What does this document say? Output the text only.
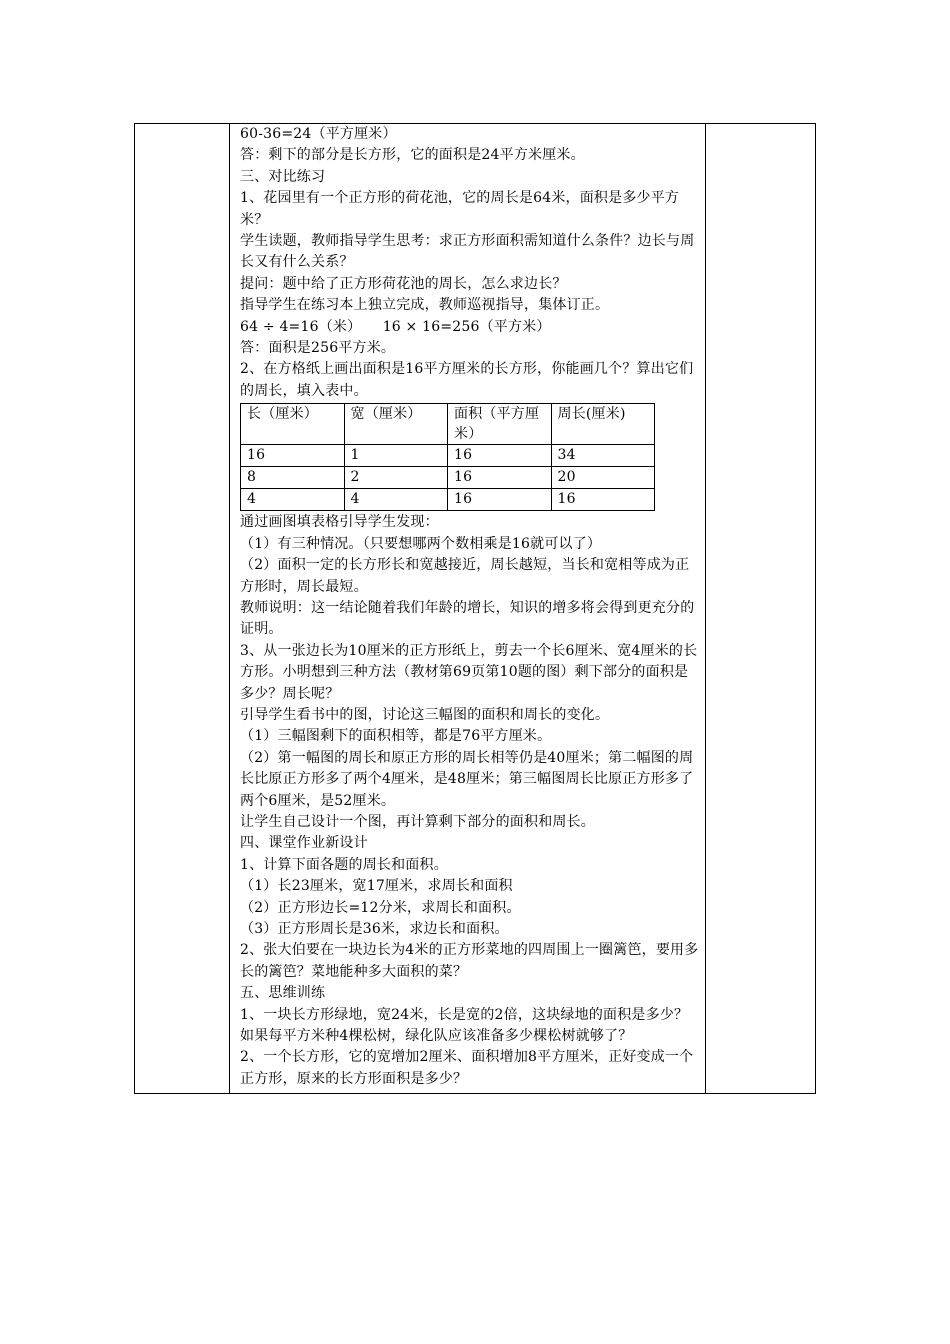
60-36=24（平方厘米）

答：剩下的部分是长方形，它的面积是24平方米厘米。

三、对比练习

1、花园里有一个正方形的荷花池，它的周长是64米，面积是多少平方米？

学生读题，教师指导学生思考：求正方形面积需知道什么条件？边长与周长又有什么关系？

提问：题中给了正方形荷花池的周长，怎么求边长？

指导学生在练习本上独立完成，教师巡视指导，集体订正。

64 ÷ 4=16（米）　　16 × 16=256（平方米）

答：面积是256平方米。

2、在方格纸上画出面积是16平方厘米的长方形，你能画几个？算出它们的周长，填入表中。

长（厘米）	宽（厘米）	面积（平方厘米）	周长(厘米)
16	1	16	34
8	2	16	20
4	4	16	16

通过画图填表格引导学生发现：

（1）有三种情况。（只要想哪两个数相乘是16就可以了）

（2）面积一定的长方形长和宽越接近，周长越短，当长和宽相等成为正方形时，周长最短。

教师说明：这一结论随着我们年龄的增长，知识的增多将会得到更充分的证明。

3、从一张边长为10厘米的正方形纸上，剪去一个长6厘米、宽4厘米的长方形。小明想到三种方法（教材第69页第10题的图）剩下部分的面积是多少？周长呢？

引导学生看书中的图，讨论这三幅图的面积和周长的变化。

（1）三幅图剩下的面积相等，都是76平方厘米。

（2）第一幅图的周长和原正方形的周长相等仍是40厘米；第二幅图的周长比原正方形多了两个4厘米，是48厘米；第三幅图周长比原正方形多了两个6厘米，是52厘米。

让学生自己设计一个图，再计算剩下部分的面积和周长。

四、课堂作业新设计

1、计算下面各题的周长和面积。

（1）长23厘米，宽17厘米，求周长和面积

（2）正方形边长=12分米，求周长和面积。

（3）正方形周长是36米，求边长和面积。

2、张大伯要在一块边长为4米的正方形菜地的四周围上一圈篱笆，要用多长的篱笆？菜地能种多大面积的菜？

五、思维训练

1、一块长方形绿地，宽24米，长是宽的2倍，这块绿地的面积是多少？如果每平方米种4棵松树，绿化队应该准备多少棵松树就够了？

2、一个长方形，它的宽增加2厘米、面积增加8平方厘米，正好变成一个正方形，原来的长方形面积是多少？
